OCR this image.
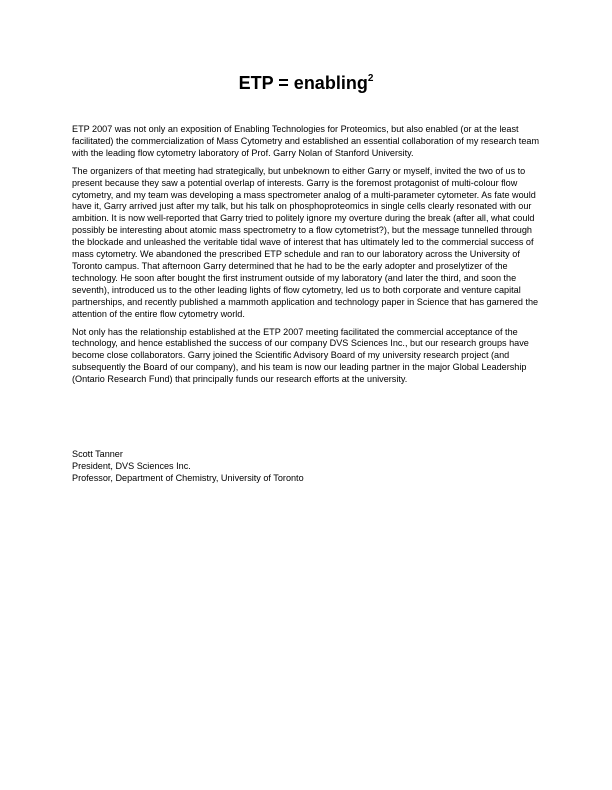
ETP = enabling$^2$

ETP 2007 was not only an exposition of Enabling Technologies for Proteomics, but also enabled (or at the least facilitated) the commercialization of Mass Cytometry and established an essential collaboration of my research team with the leading flow cytometry laboratory of Prof. Garry Nolan of Stanford University.

The organizers of that meeting had strategically, but unbeknown to either Garry or myself, invited the two of us to present because they saw a potential overlap of interests. Garry is the foremost protagonist of multi-colour flow cytometry, and my team was developing a mass spectrometer analog of a multi-parameter cytometer. As fate would have it, Garry arrived just after my talk, but his talk on phosphoproteomics in single cells clearly resonated with our ambition. It is now well-reported that Garry tried to politely ignore my overture during the break (after all, what could possibly be interesting about atomic mass spectrometry to a flow cytometrist?), but the message tunnelled through the blockade and unleashed the veritable tidal wave of interest that has ultimately led to the commercial success of mass cytometry. We abandoned the prescribed ETP schedule and ran to our laboratory across the University of Toronto campus. That afternoon Garry determined that he had to be the early adopter and proselytizer of the technology. He soon after bought the first instrument outside of my laboratory (and later the third, and soon the seventh), introduced us to the other leading lights of flow cytometry, led us to both corporate and venture capital partnerships, and recently published a mammoth application and technology paper in Science that has garnered the attention of the entire flow cytometry world.

Not only has the relationship established at the ETP 2007 meeting facilitated the commercial acceptance of the technology, and hence established the success of our company DVS Sciences Inc., but our research groups have become close collaborators. Garry joined the Scientific Advisory Board of my university research project (and subsequently the Board of our company), and his team is now our leading partner in the major Global Leadership (Ontario Research Fund) that principally funds our research efforts at the university.

Scott Tanner
President, DVS Sciences Inc.
Professor, Department of Chemistry, University of Toronto
